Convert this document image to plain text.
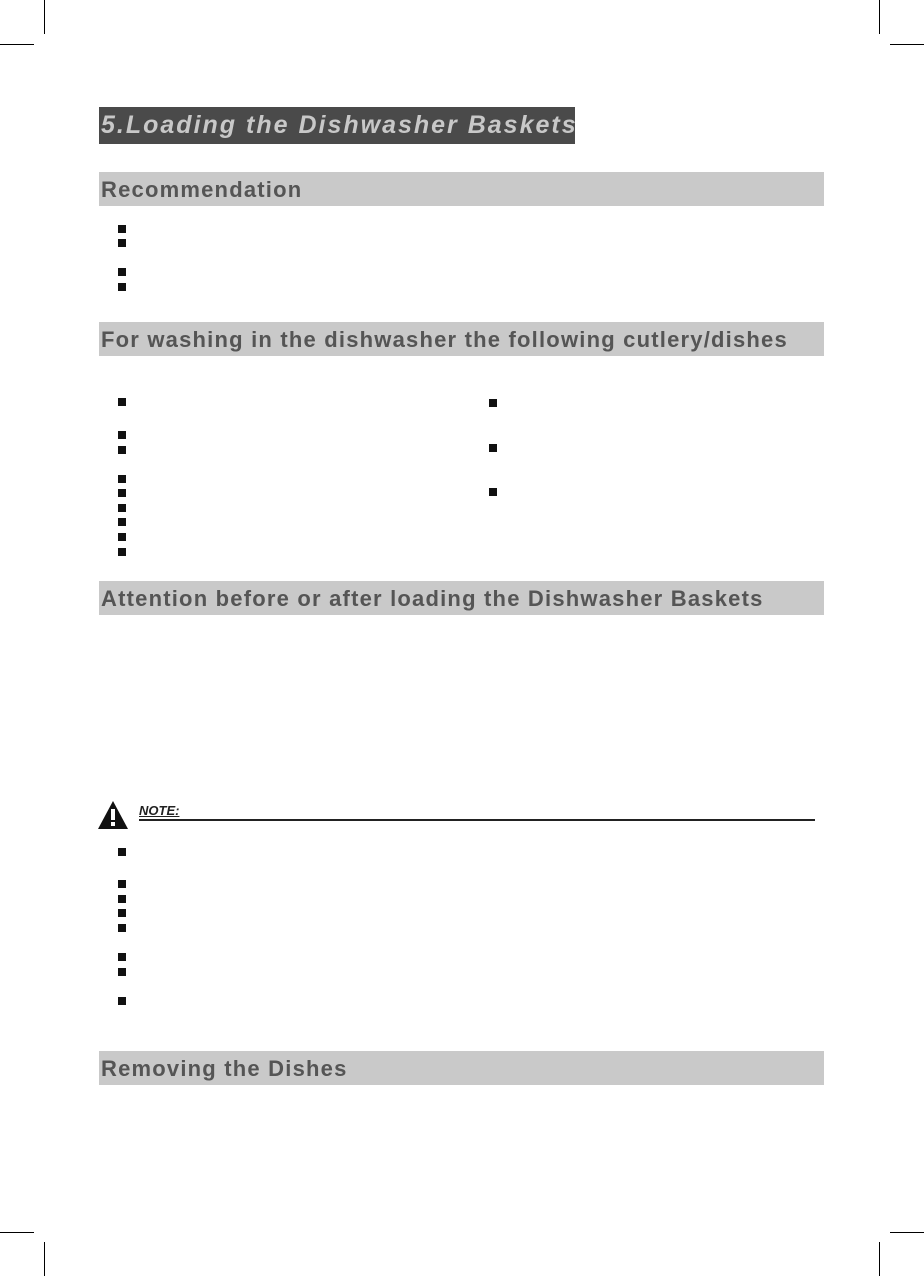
5.Loading the Dishwasher Baskets
Recommendation
For washing in the dishwasher the following cutlery/dishes
Attention before or after loading the Dishwasher Baskets
NOTE:
Removing the Dishes
